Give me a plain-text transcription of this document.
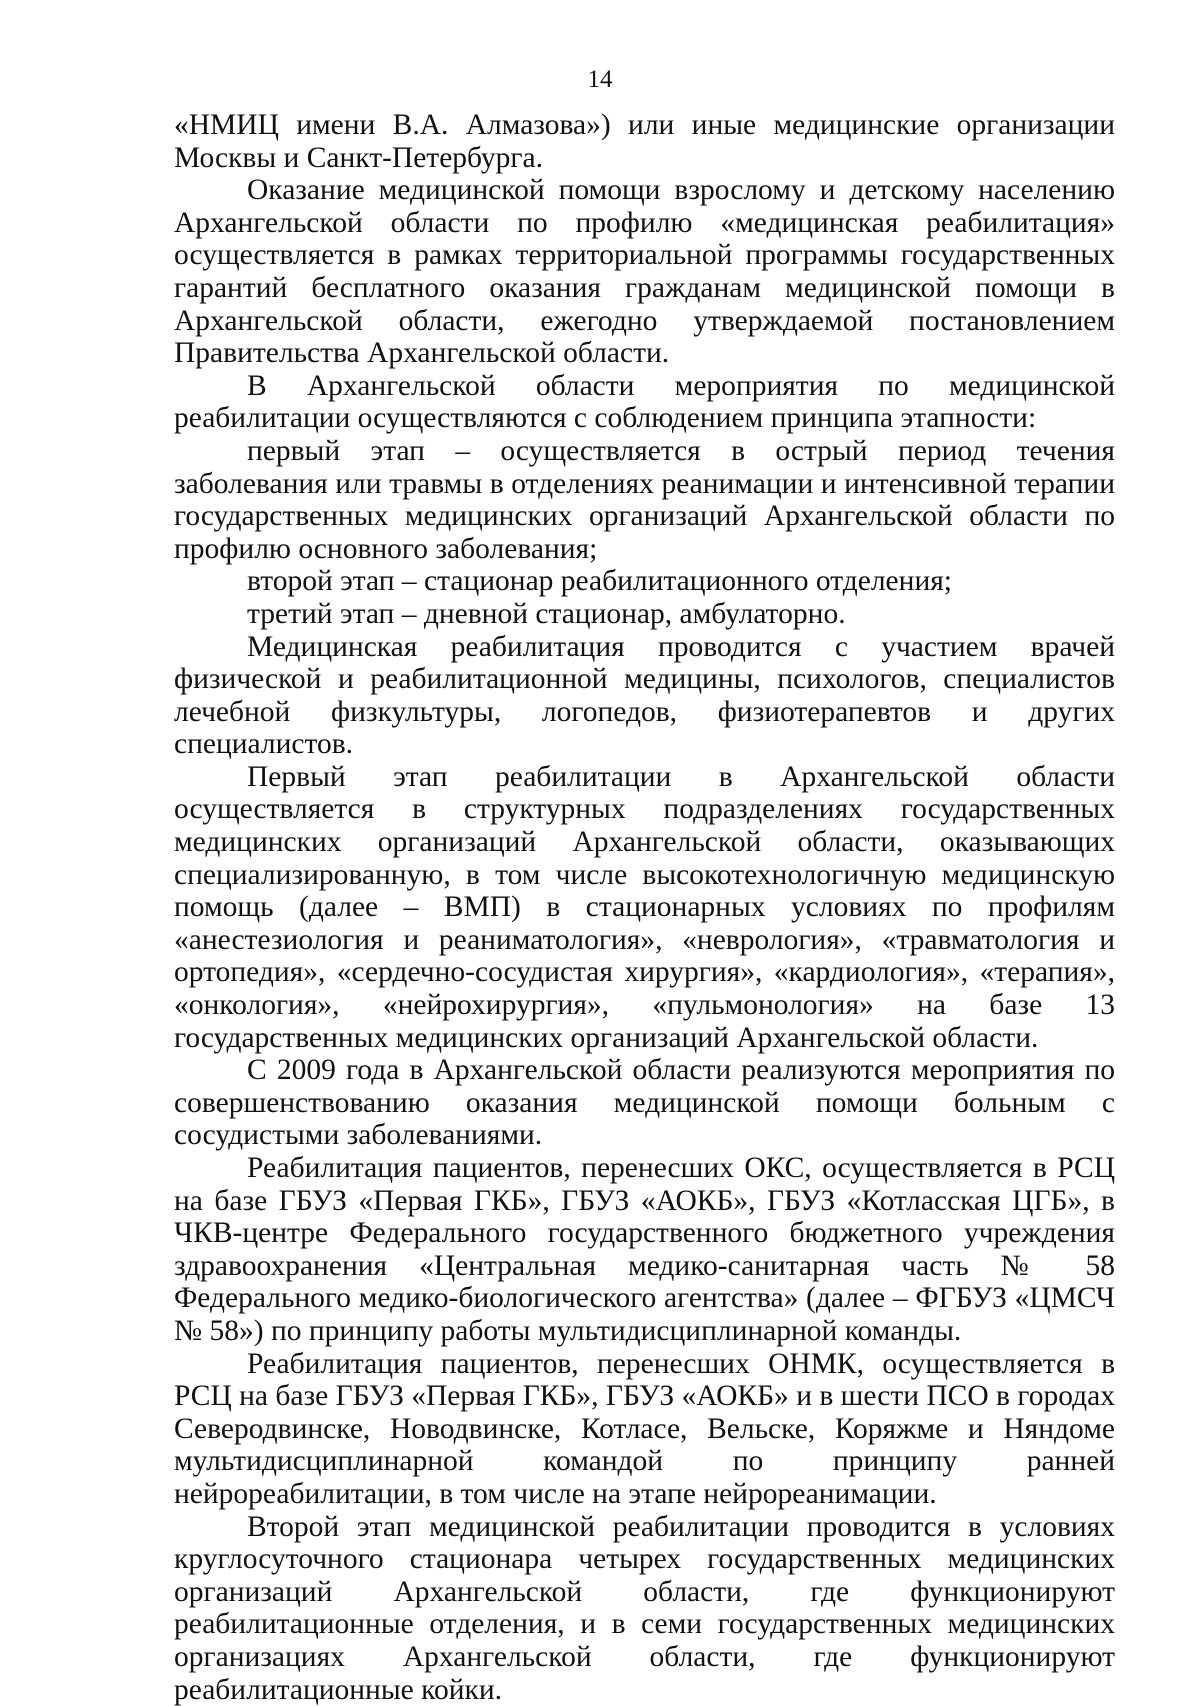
14

«НМИЦ имени В.А. Алмазова») или иные медицинские организации Москвы и Санкт-Петербурга.

Оказание медицинской помощи взрослому и детскому населению Архангельской области по профилю «медицинская реабилитация» осуществляется в рамках территориальной программы государственных гарантий бесплатного оказания гражданам медицинской помощи в Архангельской области, ежегодно утверждаемой постановлением Правительства Архангельской области.

В Архангельской области мероприятия по медицинской реабилитации осуществляются с соблюдением принципа этапности:

первый этап – осуществляется в острый период течения заболевания или травмы в отделениях реанимации и интенсивной терапии государственных медицинских организаций Архангельской области по профилю основного заболевания;

второй этап – стационар реабилитационного отделения;

третий этап – дневной стационар, амбулаторно.

Медицинская реабилитация проводится с участием врачей физической и реабилитационной медицины, психологов, специалистов лечебной физкультуры, логопедов, физиотерапевтов и других специалистов.

Первый этап реабилитации в Архангельской области осуществляется в структурных подразделениях государственных медицинских организаций Архангельской области, оказывающих специализированную, в том числе высокотехнологичную медицинскую помощь (далее – ВМП) в стационарных условиях по профилям «анестезиология и реаниматология», «неврология», «травматология и ортопедия», «сердечно-сосудистая хирургия», «кардиология», «терапия», «онкология», «нейрохирургия», «пульмонология» на базе 13 государственных медицинских организаций Архангельской области.

С 2009 года в Архангельской области реализуются мероприятия по совершенствованию оказания медицинской помощи больным с сосудистыми заболеваниями.

Реабилитация пациентов, перенесших ОКС, осуществляется в РСЦ на базе ГБУЗ «Первая ГКБ», ГБУЗ «АОКБ», ГБУЗ «Котласская ЦГБ», в ЧКВ-центре Федерального государственного бюджетного учреждения здравоохранения «Центральная медико-санитарная часть № 58 Федерального медико-биологического агентства» (далее – ФГБУЗ «ЦМСЧ № 58») по принципу работы мультидисциплинарной команды.

Реабилитация пациентов, перенесших ОНМК, осуществляется в РСЦ на базе ГБУЗ «Первая ГКБ», ГБУЗ «АОКБ» и в шести ПСО в городах Северодвинске, Новодвинске, Котласе, Вельске, Коряжме и Няндоме мультидисциплинарной командой по принципу ранней нейрореабилитации, в том числе на этапе нейрореанимации.

Второй этап медицинской реабилитации проводится в условиях круглосуточного стационара четырех государственных медицинских организаций Архангельской области, где функционируют реабилитационные отделения, и в семи государственных медицинских организациях Архангельской области, где функционируют реабилитационные койки.
